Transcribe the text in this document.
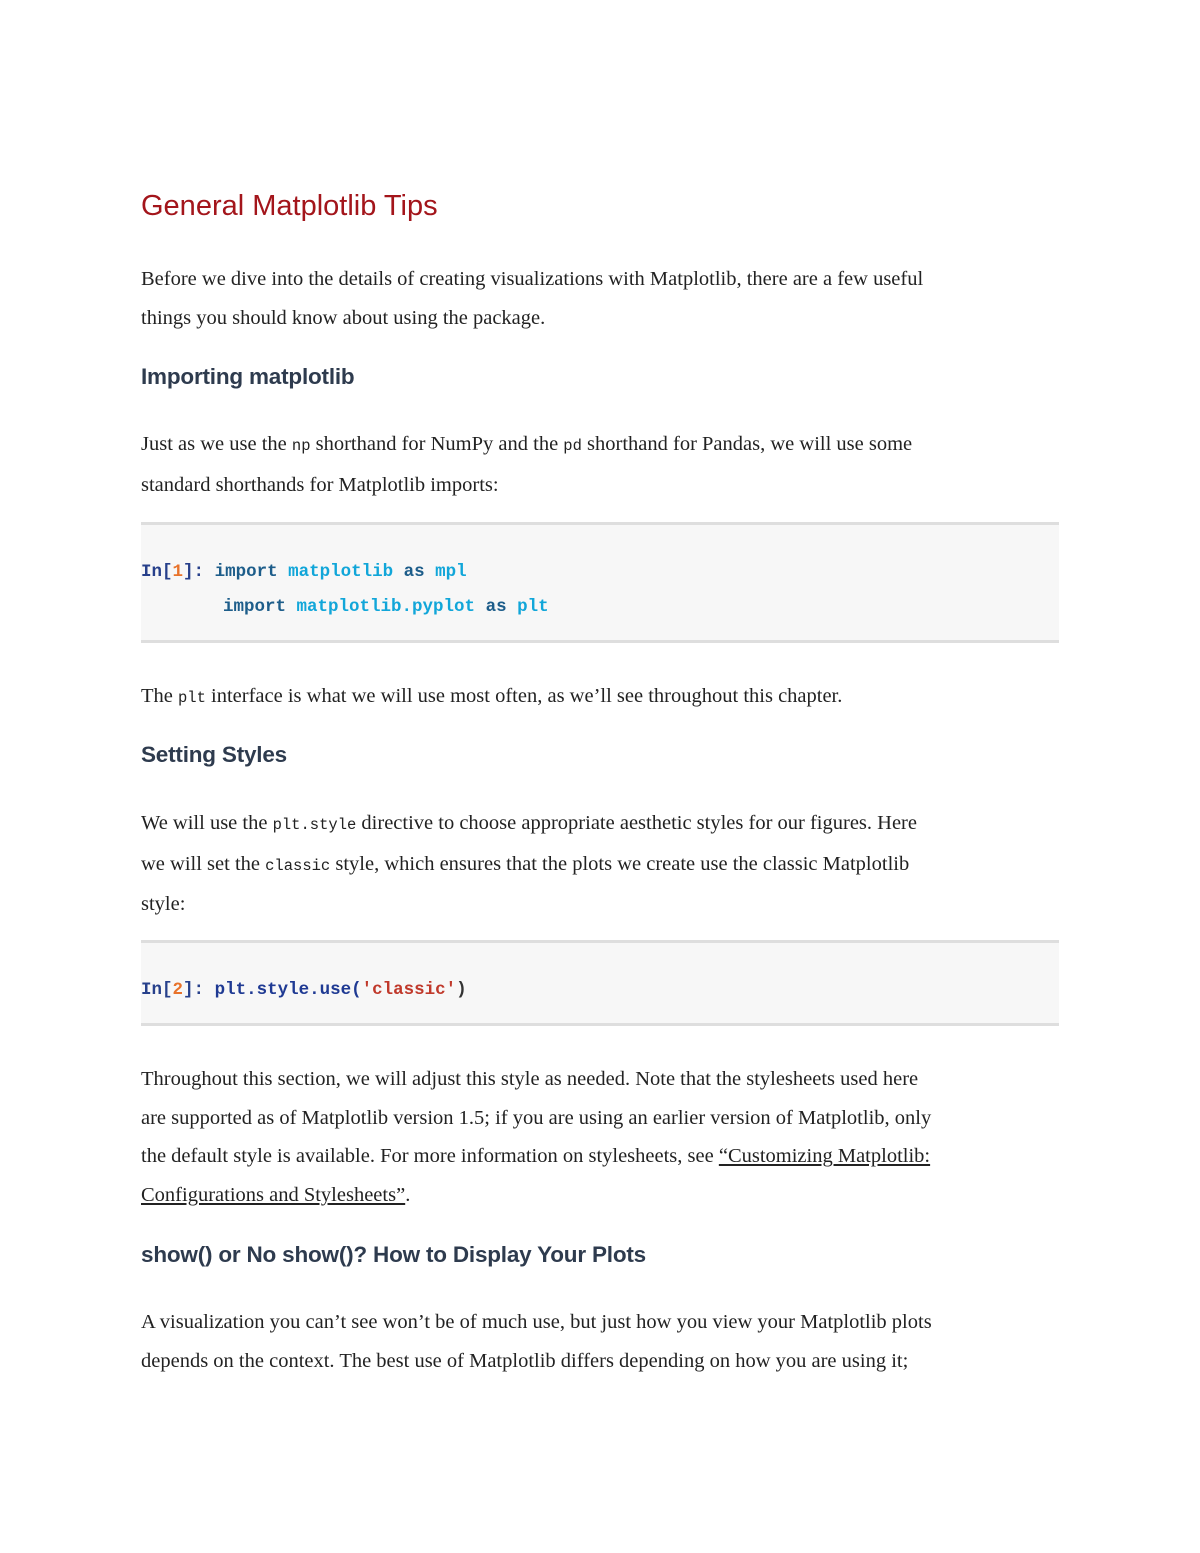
General Matplotlib Tips
Before we dive into the details of creating visualizations with Matplotlib, there are a few useful
things you should know about using the package.
Importing matplotlib
Just as we use the np shorthand for NumPy and the pd shorthand for Pandas, we will use some
standard shorthands for Matplotlib imports:
In[1]: import matplotlib as mpl
import matplotlib.pyplot as plt
The plt interface is what we will use most often, as we’ll see throughout this chapter.
Setting Styles
We will use the plt.style directive to choose appropriate aesthetic styles for our figures. Here
we will set the classic style, which ensures that the plots we create use the classic Matplotlib
style:
In[2]: plt.style.use('classic')
Throughout this section, we will adjust this style as needed. Note that the stylesheets used here
are supported as of Matplotlib version 1.5; if you are using an earlier version of Matplotlib, only
the default style is available. For more information on stylesheets, see “Customizing Matplotlib:
Configurations and Stylesheets”.
show() or No show()? How to Display Your Plots
A visualization you can’t see won’t be of much use, but just how you view your Matplotlib plots
depends on the context. The best use of Matplotlib differs depending on how you are using it;
